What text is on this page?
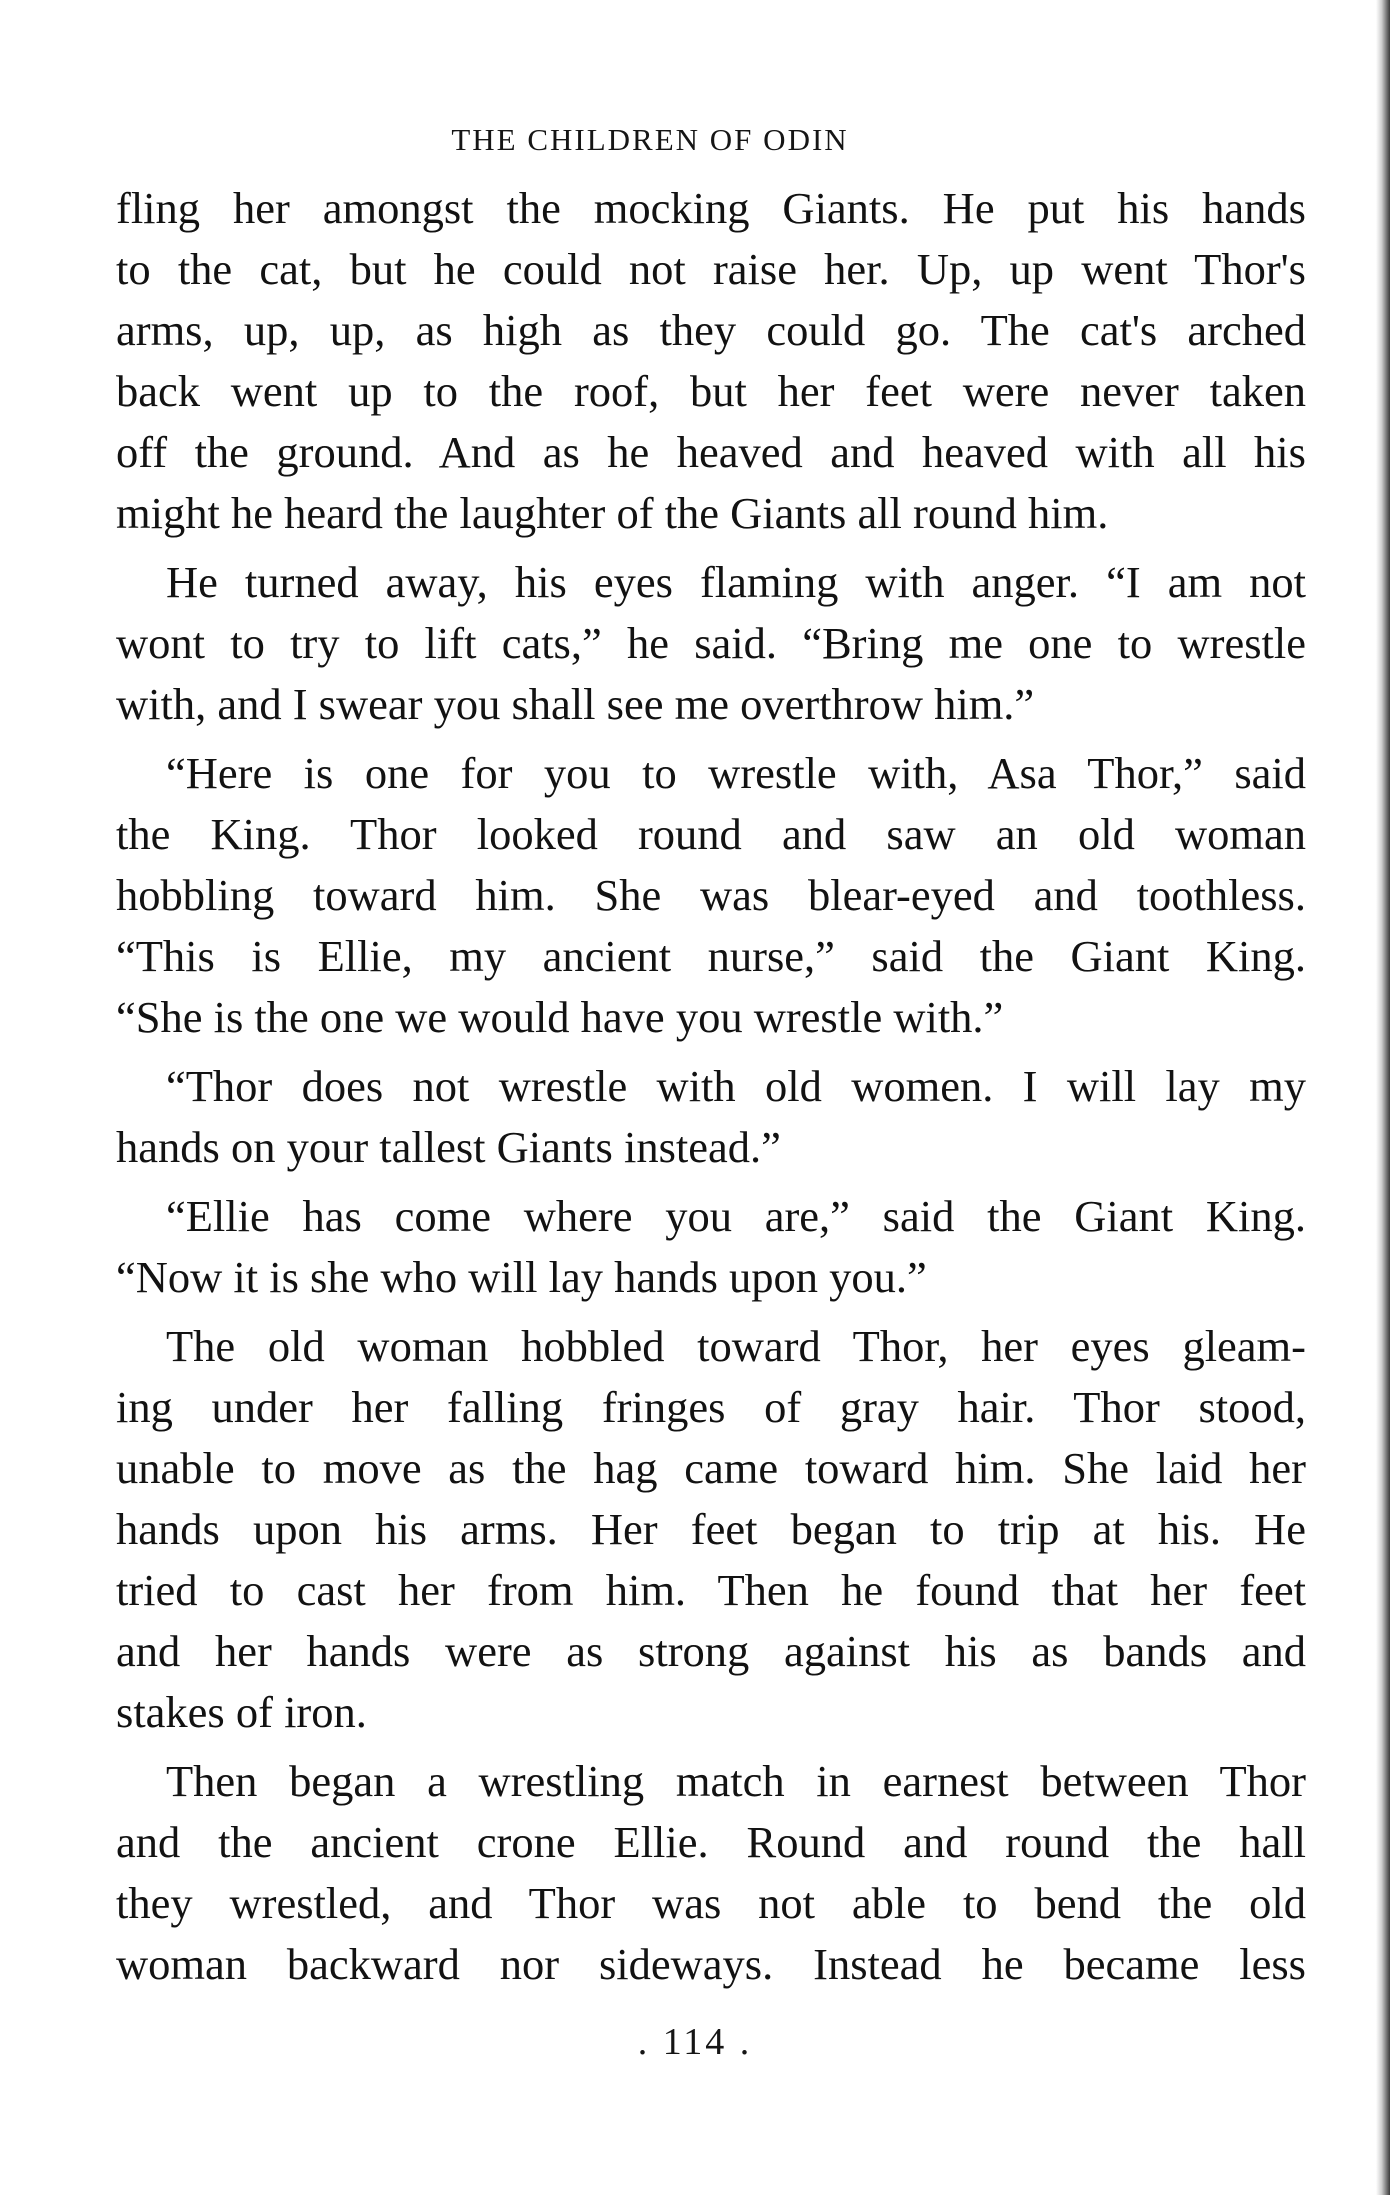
THE CHILDREN OF ODIN
fling her amongst the mocking Giants. He put his hands
to the cat, but he could not raise her. Up, up went Thor's
arms, up, up, as high as they could go. The cat's arched
back went up to the roof, but her feet were never taken
off the ground. And as he heaved and heaved with all his
might he heard the laughter of the Giants all round him.
He turned away, his eyes flaming with anger. “I am not
wont to try to lift cats,” he said. “Bring me one to wrestle
with, and I swear you shall see me overthrow him.”
“Here is one for you to wrestle with, Asa Thor,” said
the King. Thor looked round and saw an old woman
hobbling toward him. She was blear-eyed and toothless.
“This is Ellie, my ancient nurse,” said the Giant King.
“She is the one we would have you wrestle with.”
“Thor does not wrestle with old women. I will lay my
hands on your tallest Giants instead.”
“Ellie has come where you are,” said the Giant King.
“Now it is she who will lay hands upon you.”
The old woman hobbled toward Thor, her eyes gleam-
ing under her falling fringes of gray hair. Thor stood,
unable to move as the hag came toward him. She laid her
hands upon his arms. Her feet began to trip at his. He
tried to cast her from him. Then he found that her feet
and her hands were as strong against his as bands and
stakes of iron.
Then began a wrestling match in earnest between Thor
and the ancient crone Ellie. Round and round the hall
they wrestled, and Thor was not able to bend the old
woman backward nor sideways. Instead he became less
. 114 .
